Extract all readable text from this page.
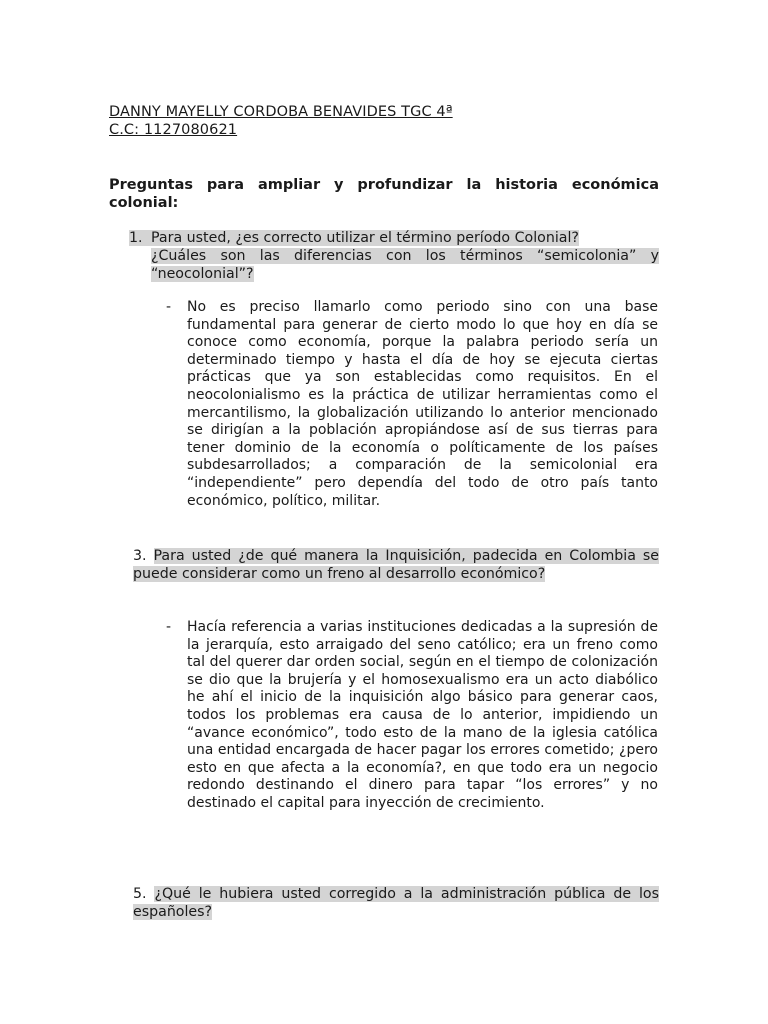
DANNY MAYELLY CORDOBA BENAVIDES TGC 4ª
C.C: 1127080621
Preguntas para ampliar y profundizar la historia económica colonial:
1. Para usted, ¿es correcto utilizar el término período Colonial?
¿Cuáles son las diferencias con los términos “semicolonia” y
“neocolonial”?
- No es preciso llamarlo como periodo sino con una base fundamental para generar de cierto modo lo que hoy en día se conoce como economía, porque la palabra periodo sería un determinado tiempo y hasta el día de hoy se ejecuta ciertas prácticas que ya son establecidas como requisitos. En el neocolonialismo es la práctica de utilizar herramientas como el mercantilismo, la globalización utilizando lo anterior mencionado se dirigían a la población apropiándose así de sus tierras para tener dominio de la economía o políticamente de los países subdesarrollados; a comparación de la semicolonial era “independiente” pero dependía del todo de otro país tanto económico, político, militar.
3. Para usted ¿de qué manera la Inquisición, padecida en Colombia se puede considerar como un freno al desarrollo económico?
- Hacía referencia a varias instituciones dedicadas a la supresión de la jerarquía, esto arraigado del seno católico; era un freno como tal del querer dar orden social, según en el tiempo de colonización se dio que la brujería y el homosexualismo era un acto diabólico he ahí el inicio de la inquisición algo básico para generar caos, todos los problemas era causa de lo anterior, impidiendo un “avance económico”, todo esto de la mano de la iglesia católica una entidad encargada de hacer pagar los errores cometido; ¿pero esto en que afecta a la economía?, en que todo era un negocio redondo destinando el dinero para tapar “los errores” y no destinado el capital para inyección de crecimiento.
5. ¿Qué le hubiera usted corregido a la administración pública de los españoles?
